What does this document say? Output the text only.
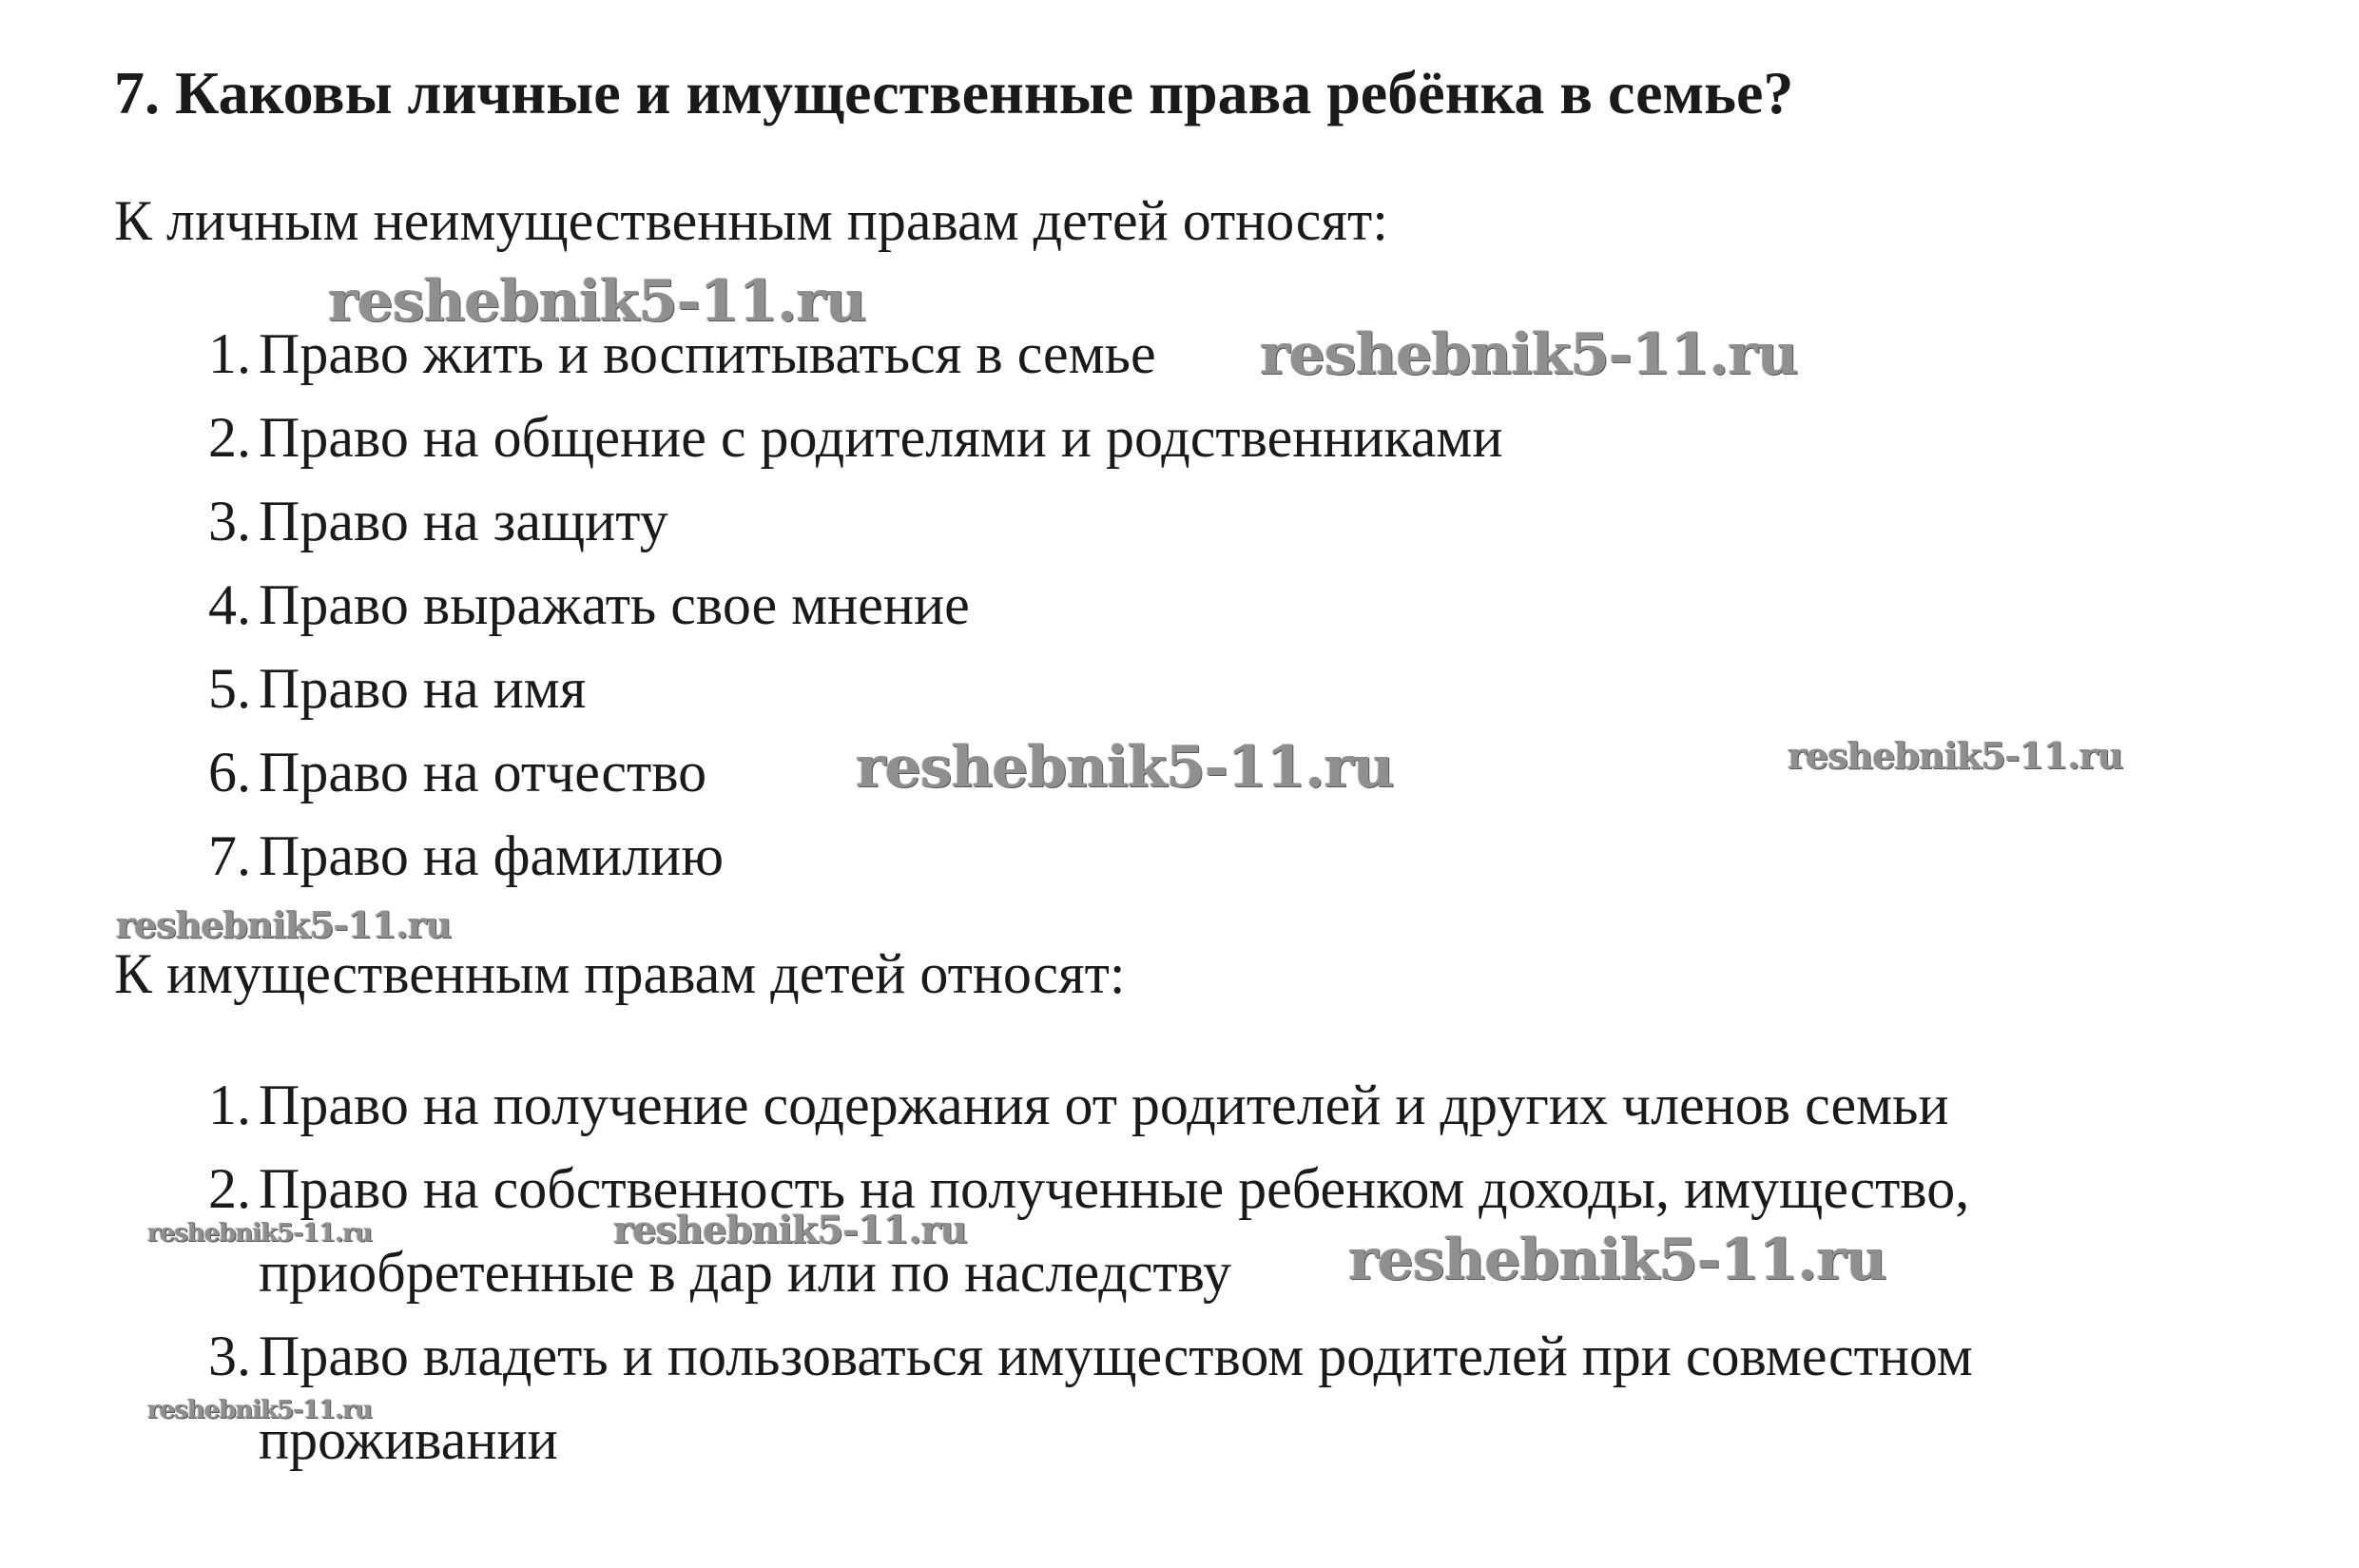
7. Каковы личные и имущественные права ребёнка в семье?
К личным неимущественным правам детей относят:
1. Право жить и воспитываться в семье
2. Право на общение с родителями и родственниками
3. Право на защиту
4. Право выражать свое мнение
5. Право на имя
6. Право на отчество
7. Право на фамилию
К имущественным правам детей относят:
1. Право на получение содержания от родителей и других членов семьи
2. Право на собственность на полученные ребенком доходы, имущество, приобретенные в дар или по наследству
3. Право владеть и пользоваться имуществом родителей при совместном проживании
reshebnik5-11.ru
reshebnik5-11.ru
reshebnik5-11.ru	reshebnik5-11.ru
reshebnik5-11.ru
reshebnik5-11.ru	reshebnik5-11.ru	reshebnik5-11.ru
reshebnik5-11.ru
